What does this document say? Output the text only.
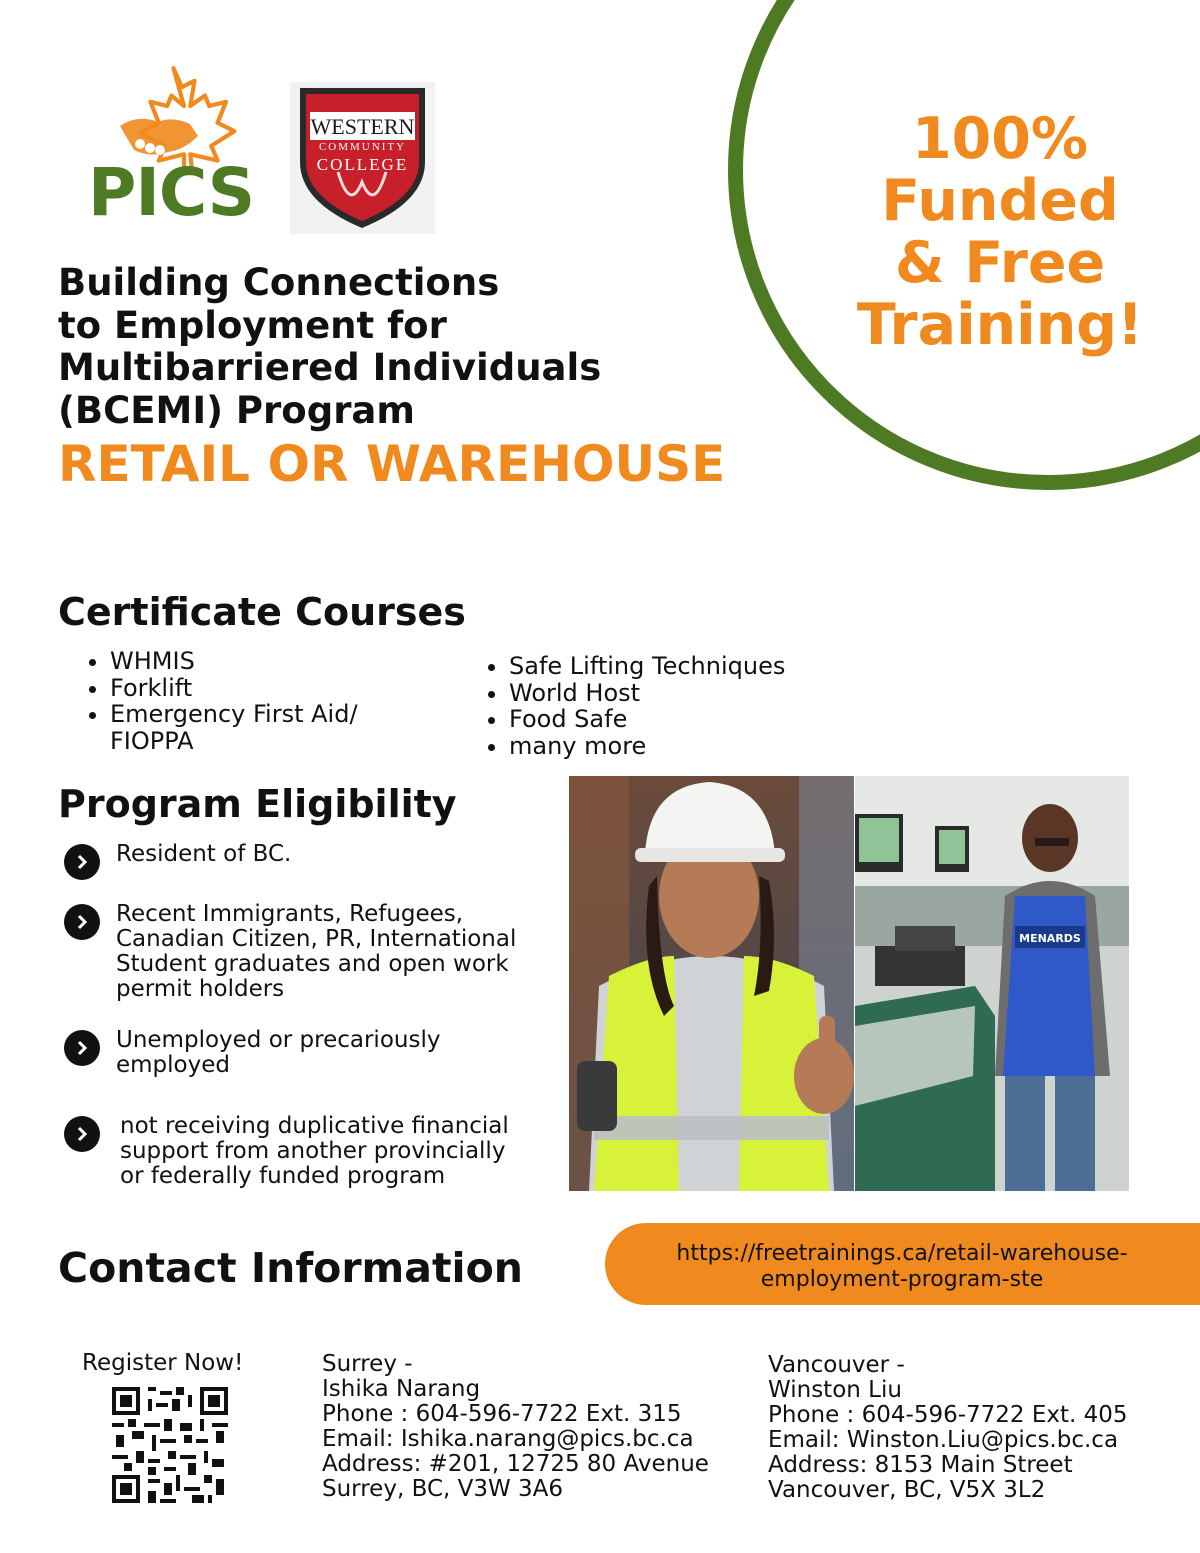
100%
Funded
& Free
Training!
PICS
WESTERN
COMMUNITY
COLLEGE
Building Connections
to Employment for
Multibarriered Individuals
(BCEMI) Program
RETAIL OR WAREHOUSE
Certificate Courses
• WHMIS
• Forklift
• Emergency First Aid/
FIOPPA
• Safe Lifting Techniques
• World Host
• Food Safe
• many more
Program Eligibility
Resident of BC.
Recent Immigrants, Refugees,
Canadian Citizen, PR, International
Student graduates and open work
permit holders
Unemployed or precariously
employed
not receiving duplicative financial
support from another provincially
or federally funded program
MENARDS
Contact Information	https://freetrainings.ca/retail-warehouse-
employment-program-ste
Register Now!	Surrey -
Ishika Narang
Phone : 604-596-7722 Ext. 315
Email: Ishika.narang@pics.bc.ca
Address: #201, 12725 80 Avenue
Surrey, BC, V3W 3A6
Vancouver -
Winston Liu
Phone : 604-596-7722 Ext. 405
Email: Winston.Liu@pics.bc.ca
Address: 8153 Main Street
Vancouver, BC, V5X 3L2
